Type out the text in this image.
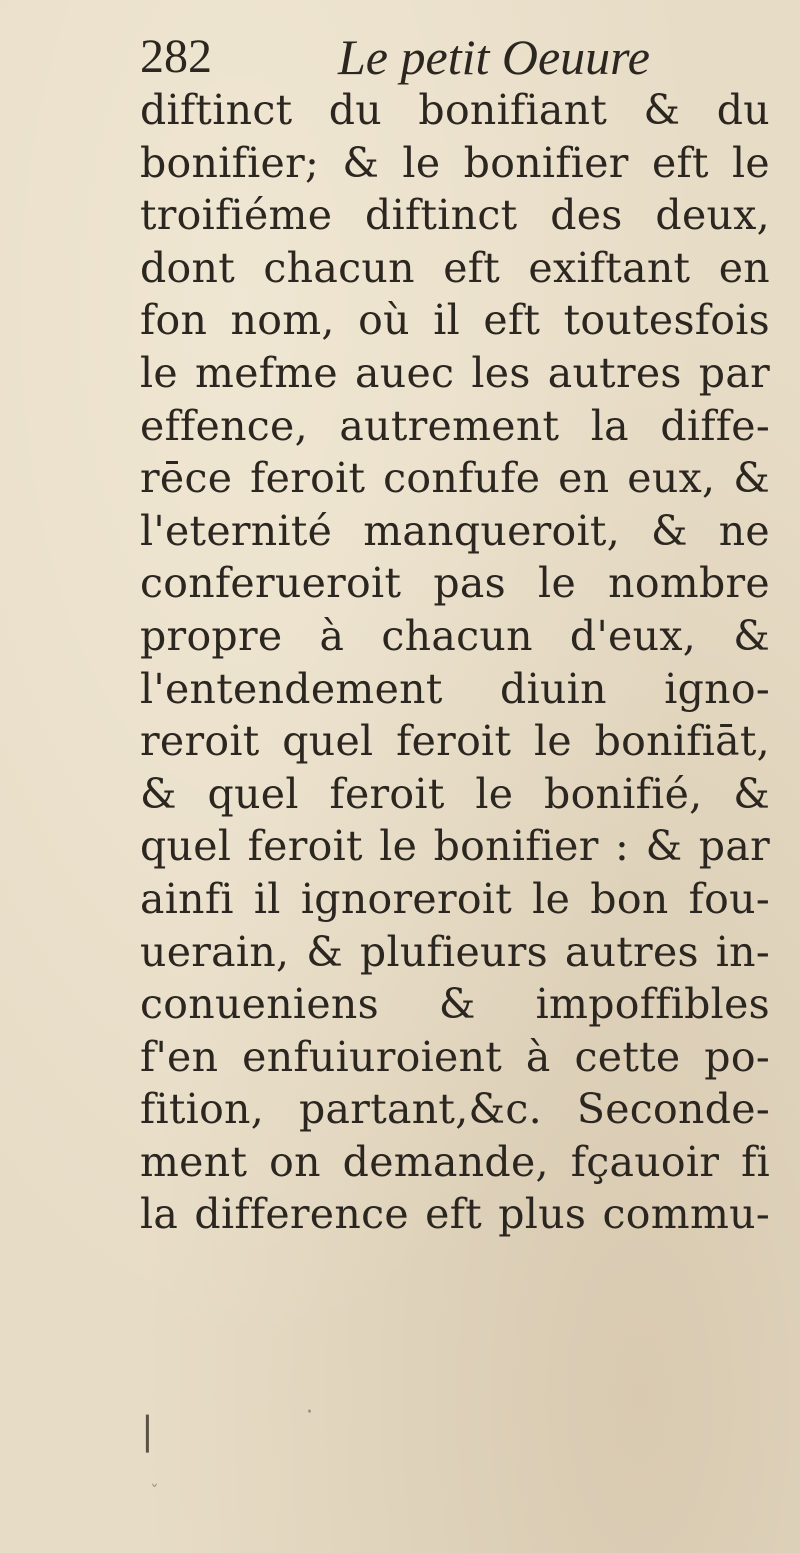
282	Le petit Oeuure
diftinct du bonifiant & du
bonifier; & le bonifier eft le
troifiéme diftinct des deux,
dont chacun eft exiftant en
fon nom, où il eft toutesfois
le mefme auec les autres par
effence, autrement la diffe-
rēce feroit confufe en eux, &
l'eternité manqueroit, & ne
conferueroit pas le nombre
propre à chacun d'eux, &
l'entendement diuin igno-
reroit quel feroit le bonifiāt,
& quel feroit le bonifié, &
quel feroit le bonifier : & par
ainfi il ignoreroit le bon fou-
uerain, & plufieurs autres in-
conueniens & impoffibles
f'en enfuiuroient à cette po-
fition, partant,&c. Seconde-
ment on demande, fçauoir fi
la difference eft plus commu-
⎸	·
ˇ
